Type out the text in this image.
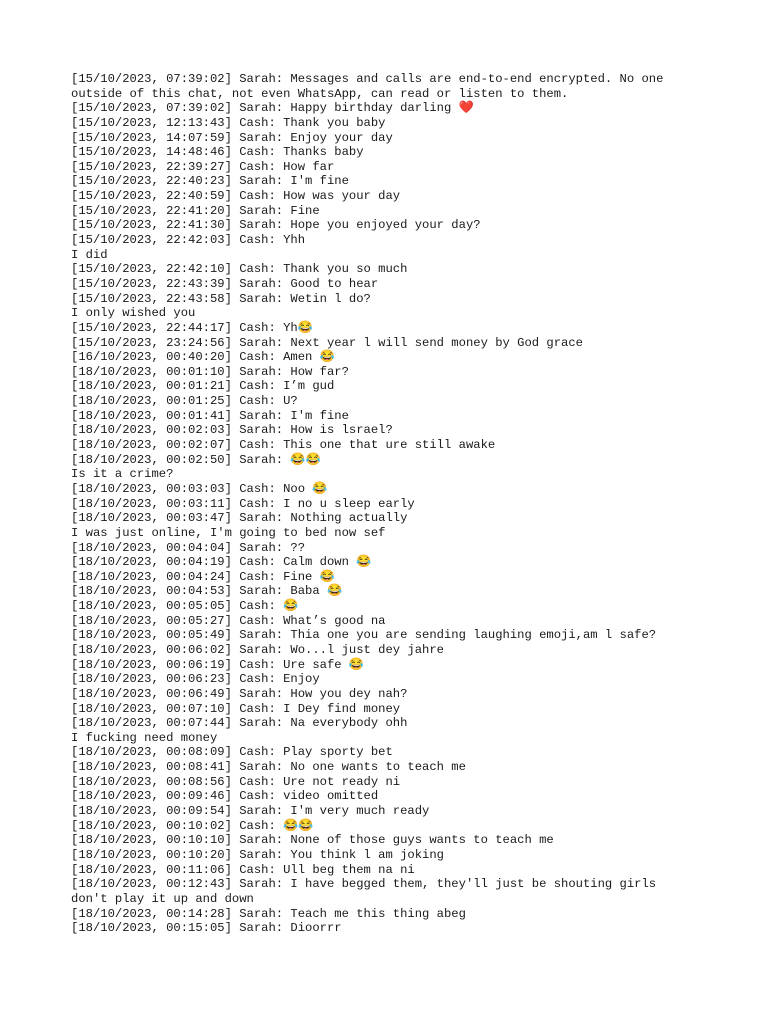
[15/10/2023, 07:39:02] Sarah: Messages and calls are end-to-end encrypted. No one
outside of this chat, not even WhatsApp, can read or listen to them.
[15/10/2023, 07:39:02] Sarah: Happy birthday darling ❤️
[15/10/2023, 12:13:43] Cash: Thank you baby
[15/10/2023, 14:07:59] Sarah: Enjoy your day
[15/10/2023, 14:48:46] Cash: Thanks baby
[15/10/2023, 22:39:27] Cash: How far
[15/10/2023, 22:40:23] Sarah: I'm fine
[15/10/2023, 22:40:59] Cash: How was your day
[15/10/2023, 22:41:20] Sarah: Fine
[15/10/2023, 22:41:30] Sarah: Hope you enjoyed your day?
[15/10/2023, 22:42:03] Cash: Yhh
I did
[15/10/2023, 22:42:10] Cash: Thank you so much
[15/10/2023, 22:43:39] Sarah: Good to hear
[15/10/2023, 22:43:58] Sarah: Wetin l do?
I only wished you
[15/10/2023, 22:44:17] Cash: Yh😂
[15/10/2023, 23:24:56] Sarah: Next year l will send money by God grace
[16/10/2023, 00:40:20] Cash: Amen 😂
[18/10/2023, 00:01:10] Sarah: How far?
[18/10/2023, 00:01:21] Cash: I’m gud
[18/10/2023, 00:01:25] Cash: U?
[18/10/2023, 00:01:41] Sarah: I'm fine
[18/10/2023, 00:02:03] Sarah: How is lsrael?
[18/10/2023, 00:02:07] Cash: This one that ure still awake
[18/10/2023, 00:02:50] Sarah: 😂😂
Is it a crime?
[18/10/2023, 00:03:03] Cash: Noo 😂
[18/10/2023, 00:03:11] Cash: I no u sleep early
[18/10/2023, 00:03:47] Sarah: Nothing actually
I was just online, I'm going to bed now sef
[18/10/2023, 00:04:04] Sarah: ??
[18/10/2023, 00:04:19] Cash: Calm down 😂
[18/10/2023, 00:04:24] Cash: Fine 😂
[18/10/2023, 00:04:53] Sarah: Baba 😂
[18/10/2023, 00:05:05] Cash: 😂
[18/10/2023, 00:05:27] Cash: What’s good na
[18/10/2023, 00:05:49] Sarah: Thia one you are sending laughing emoji,am l safe?
[18/10/2023, 00:06:02] Sarah: Wo...l just dey jahre
[18/10/2023, 00:06:19] Cash: Ure safe 😂
[18/10/2023, 00:06:23] Cash: Enjoy
[18/10/2023, 00:06:49] Sarah: How you dey nah?
[18/10/2023, 00:07:10] Cash: I Dey find money
[18/10/2023, 00:07:44] Sarah: Na everybody ohh
I fucking need money
[18/10/2023, 00:08:09] Cash: Play sporty bet
[18/10/2023, 00:08:41] Sarah: No one wants to teach me
[18/10/2023, 00:08:56] Cash: Ure not ready ni
[18/10/2023, 00:09:46] Cash: video omitted
[18/10/2023, 00:09:54] Sarah: I'm very much ready
[18/10/2023, 00:10:02] Cash: 😂😂
[18/10/2023, 00:10:10] Sarah: None of those guys wants to teach me
[18/10/2023, 00:10:20] Sarah: You think l am joking
[18/10/2023, 00:11:06] Cash: Ull beg them na ni
[18/10/2023, 00:12:43] Sarah: I have begged them, they'll just be shouting girls
don't play it up and down
[18/10/2023, 00:14:28] Sarah: Teach me this thing abeg
[18/10/2023, 00:15:05] Sarah: Dioorrr
